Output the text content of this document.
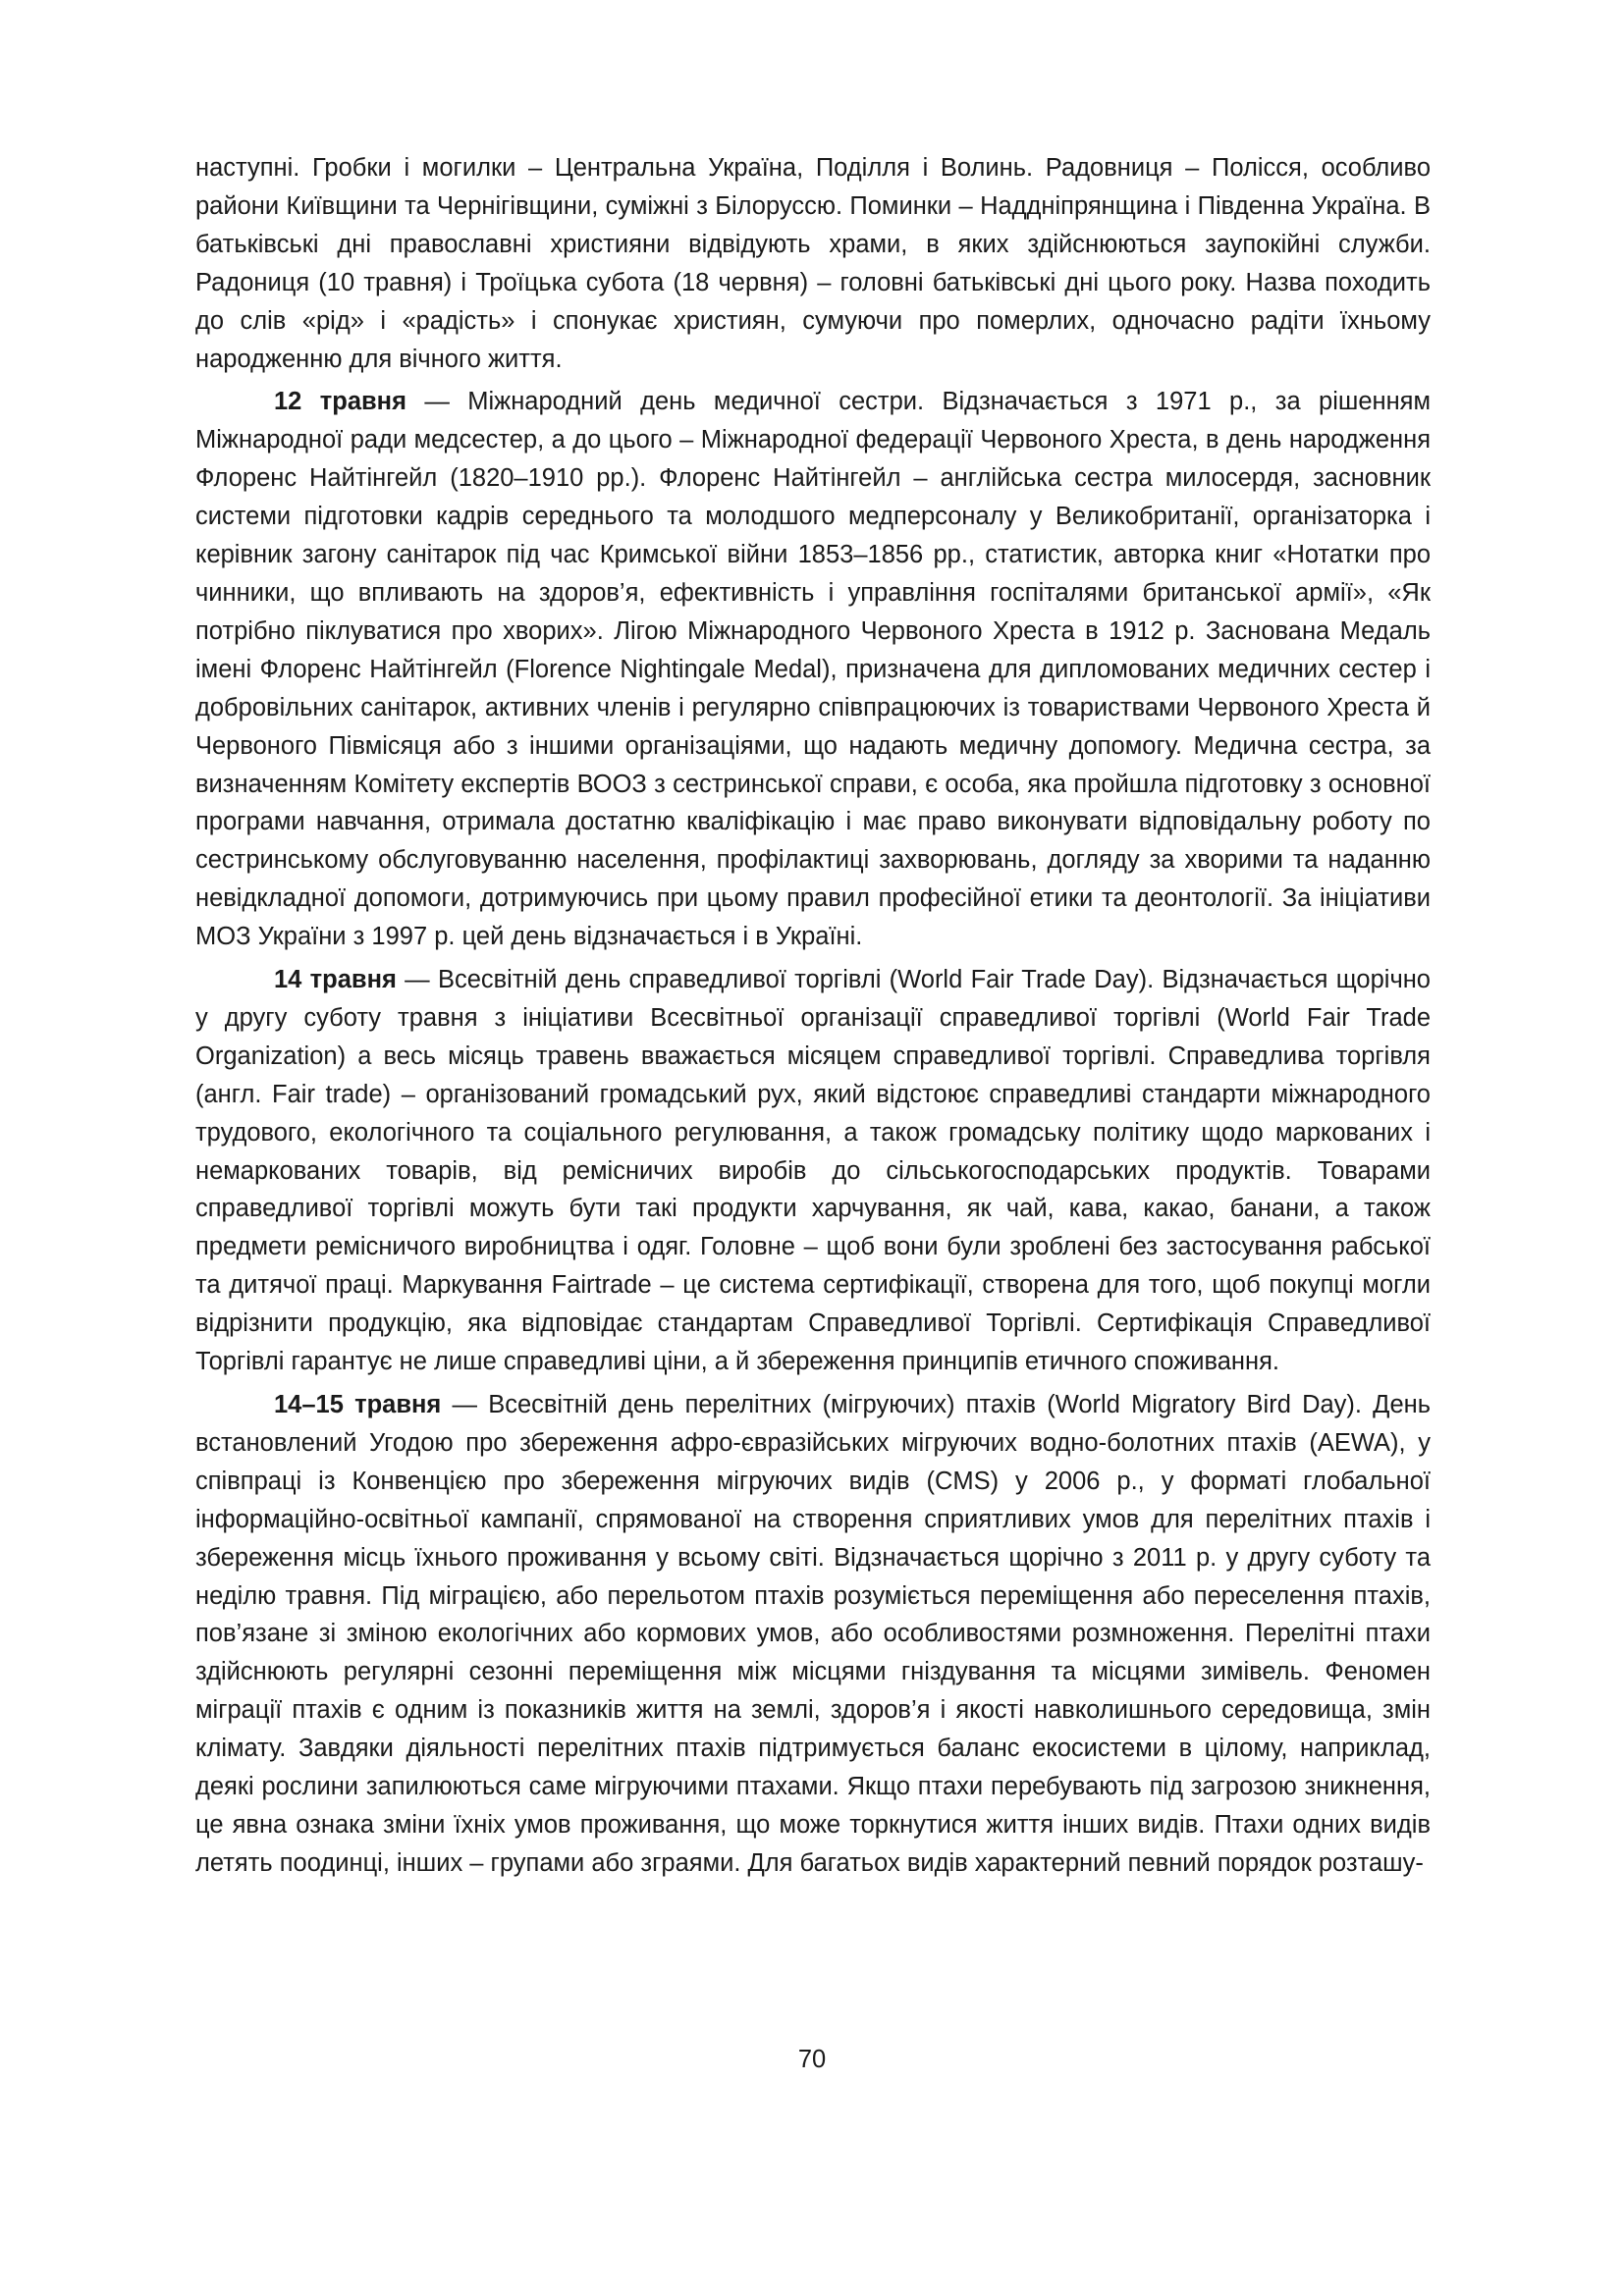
наступні. Гробки і могилки – Центральна Україна, Поділля і Волинь. Радовниця – Полісся, особливо райони Київщини та Чернігівщини, суміжні з Білоруссю. Поминки – Наддніпрянщина і Південна Україна. В батьківські дні православні християни відвідують храми, в яких здійснюються заупокійні служби. Радониця (10 травня) і Троїцька субота (18 червня) – головні батьківські дні цього року. Назва походить до слів «рід» і «радість» і спонукає християн, сумуючи про померлих, одночасно радіти їхньому народженню для вічного життя.

12 травня — Міжнародний день медичної сестри. Відзначається з 1971 р., за рішенням Міжнародної ради медсестер, а до цього – Міжнародної федерації Червоного Хреста, в день народження Флоренс Найтінгейл (1820–1910 рр.). Флоренс Найтінгейл – англійська сестра милосердя, засновник системи підготовки кадрів середнього та молодшого медперсоналу у Великобританії, організаторка і керівник загону санітарок під час Кримської війни 1853–1856 рр., статистик, авторка книг «Нотатки про чинники, що впливають на здоров’я, ефективність і управління госпіталями британської армії», «Як потрібно піклуватися про хворих». Лігою Міжнародного Червоного Хреста в 1912 р. Заснована Медаль імені Флоренс Найтінгейл (Florence Nightingale Medal), призначена для дипломованих медичних сестер і добровільних санітарок, активних членів і регулярно співпрацюючих із товариствами Червоного Хреста й Червоного Півмісяця або з іншими організаціями, що надають медичну допомогу. Медична сестра, за визначенням Комітету експертів ВООЗ з сестринської справи, є особа, яка пройшла підготовку з основної програми навчання, отримала достатню кваліфікацію і має право виконувати відповідальну роботу по сестринському обслуговуванню населення, профілактиці захворювань, догляду за хворими та наданню невідкладної допомоги, дотримуючись при цьому правил професійної етики та деонтології. За ініціативи МОЗ України з 1997 р. цей день відзначається і в Україні.

14 травня — Всесвітній день справедливої торгівлі (World Fair Trade Day). Відзначається щорічно у другу суботу травня з ініціативи Всесвітньої організації справедливої торгівлі (World Fair Trade Organization) а весь місяць травень вважається місяцем справедливої торгівлі. Справедлива торгівля (англ. Fair trade) – організований громадський рух, який відстоює справедливі стандарти міжнародного трудового, екологічного та соціального регулювання, а також громадську політику щодо маркованих і немаркованих товарів, від ремісничих виробів до сільськогосподарських продуктів. Товарами справедливої торгівлі можуть бути такі продукти харчування, як чай, кава, какао, банани, а також предмети ремісничого виробництва і одяг. Головне – щоб вони були зроблені без застосування рабської та дитячої праці. Маркування Fairtrade – це система сертифікації, створена для того, щоб покупці могли відрізнити продукцію, яка відповідає стандартам Справедливої Торгівлі. Сертифікація Справедливої Торгівлі гарантує не лише справедливі ціни, а й збереження принципів етичного споживання.

14–15 травня — Всесвітній день перелітних (мігруючих) птахів (World Migratory Bird Day). День встановлений Угодою про збереження афро-євразійських мігруючих водно-болотних птахів (AEWA), у співпраці із Конвенцією про збереження мігруючих видів (CMS) у 2006 р., у форматі глобальної інформаційно-освітньої кампанії, спрямованої на створення сприятливих умов для перелітних птахів і збереження місць їхнього проживання у всьому світі. Відзначається щорічно з 2011 р. у другу суботу та неділю травня. Під міграцією, або перельотом птахів розуміється переміщення або переселення птахів, пов’язане зі зміною екологічних або кормових умов, або особливостями розмноження. Перелітні птахи здійснюють регулярні сезонні переміщення між місцями гніздування та місцями зимівель. Феномен міграції птахів є одним із показників життя на землі, здоров’я і якості навколишнього середовища, змін клімату. Завдяки діяльності перелітних птахів підтримується баланс екосистеми в цілому, наприклад, деякі рослини запилюються саме мігруючими птахами. Якщо птахи перебувають під загрозою зникнення, це явна ознака зміни їхніх умов проживання, що може торкнутися життя інших видів. Птахи одних видів летять поодинці, інших – групами або зграями. Для багатьох видів характерний певний порядок розташу-

70
